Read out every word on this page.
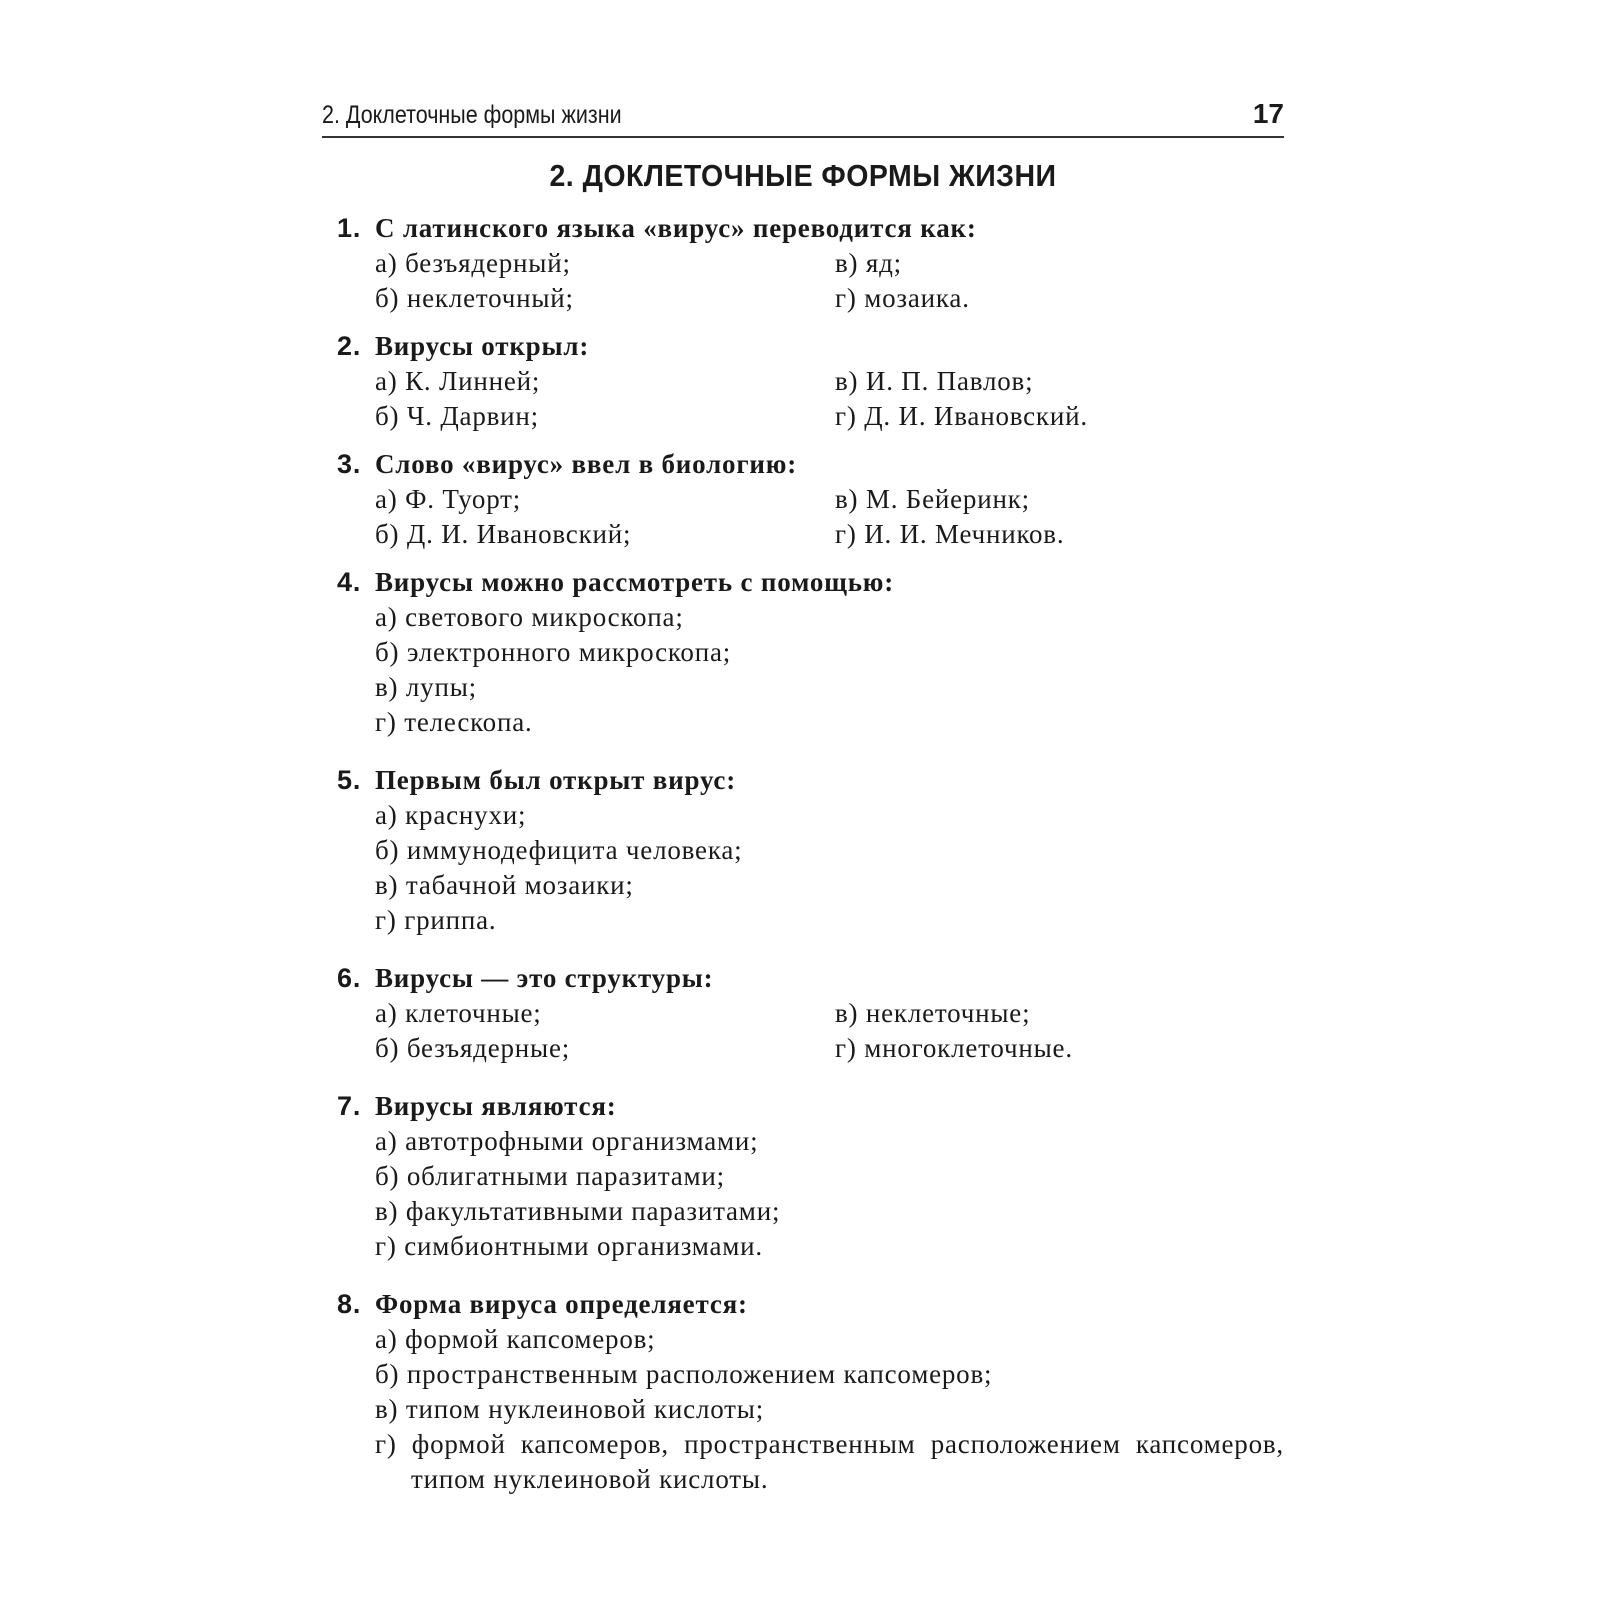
2. Доклеточные формы жизни	17
2. ДОКЛЕТОЧНЫЕ ФОРМЫ ЖИЗНИ
1. С латинского языка «вирус» переводится как:
а) безъядерный;	в) яд;
б) неклеточный;	г) мозаика.
2. Вирусы открыл:
а) К. Линней;	в) И. П. Павлов;
б) Ч. Дарвин;	г) Д. И. Ивановский.
3. Слово «вирус» ввел в биологию:
а) Ф. Туорт;	в) М. Бейеринк;
б) Д. И. Ивановский;	г) И. И. Мечников.
4. Вирусы можно рассмотреть с помощью:
а) светового микроскопа;
б) электронного микроскопа;
в) лупы;
г) телескопа.
5. Первым был открыт вирус:
а) краснухи;
б) иммунодефицита человека;
в) табачной мозаики;
г) гриппа.
6. Вирусы — это структуры:
а) клеточные;	в) неклеточные;
б) безъядерные;	г) многоклеточные.
7. Вирусы являются:
а) автотрофными организмами;
б) облигатными паразитами;
в) факультативными паразитами;
г) симбионтными организмами.
8. Форма вируса определяется:
а) формой капсомеров;
б) пространственным расположением капсомеров;
в) типом нуклеиновой кислоты;
г) формой капсомеров, пространственным расположением капсомеров, типом нуклеиновой кислоты.
